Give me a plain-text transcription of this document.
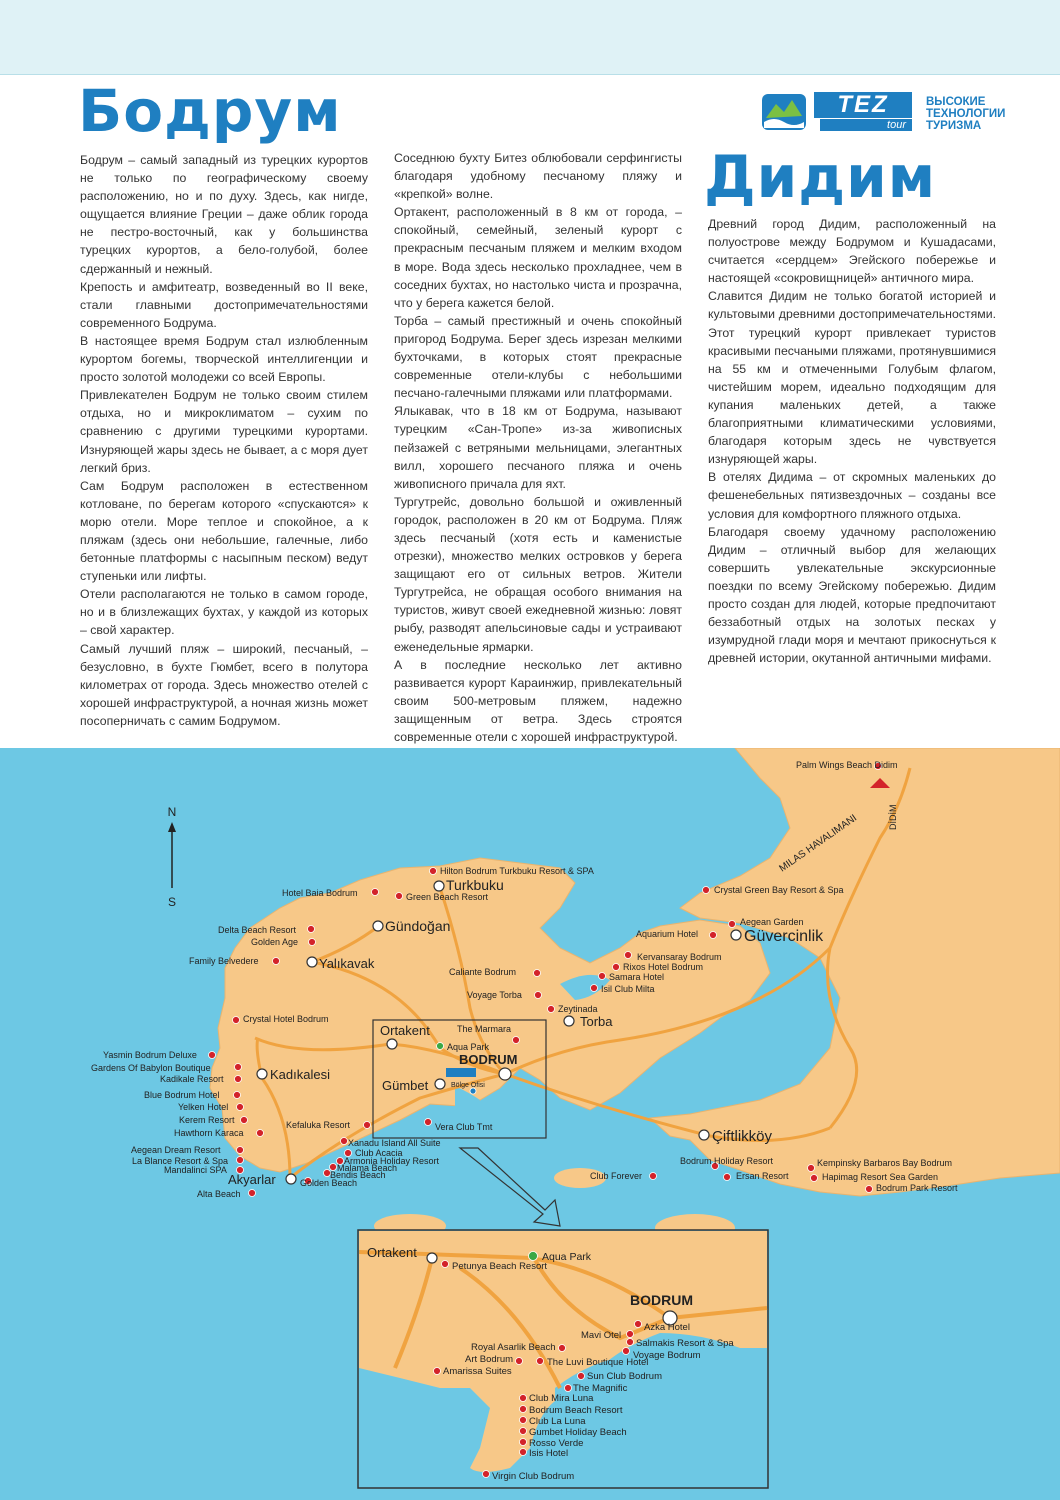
Бодрум
Дидим
TEZ
tour
ВЫСОКИЕ
ТЕХНОЛОГИИ
ТУРИЗМА

Бодрум – самый западный из турецких курортов не только по географическому своему расположению, но и по духу. Здесь, как нигде, ощущается влияние Греции – даже облик города не пестро-восточный, как у большинства турецких курортов, а бело-голубой, более сдержанный и нежный.

Крепость и амфитеатр, возведенный во II веке, стали главными достопримечательностями современного Бодрума.

В настоящее время Бодрум стал излюбленным курортом богемы, творческой интеллигенции и просто золотой молодежи со всей Европы.

Привлекателен Бодрум не только своим стилем отдыха, но и микроклиматом – сухим по сравнению с другими турецкими курортами. Изнуряющей жары здесь не бывает, а с моря дует легкий бриз.

Сам Бодрум расположен в естественном котловане, по берегам которого «спускаются» к морю отели. Море теплое и спокойное, а к пляжам (здесь они небольшие, галечные, либо бетонные платформы с насыпным песком) ведут ступеньки или лифты.

Отели располагаются не только в самом городе, но и в близлежащих бухтах, у каждой из которых – свой характер.

Самый лучший пляж – широкий, песчаный, – безусловно, в бухте Гюмбет, всего в полутора километрах от города. Здесь множество отелей с хорошей инфраструктурой, а ночная жизнь может посоперничать с самим Бодрумом.

Соседнюю бухту Битез облюбовали серфингисты благодаря удобному песчаному пляжу и «крепкой» волне.

Ортакент, расположенный в 8 км от города, – спокойный, семейный, зеленый курорт с прекрасным песчаным пляжем и мелким входом в море. Вода здесь несколько прохладнее, чем в соседних бухтах, но настолько чиста и прозрачна, что у берега кажется белой.

Торба – самый престижный и очень спокойный пригород Бодрума. Берег здесь изрезан мелкими бухточками, в которых стоят прекрасные современные отели-клубы с небольшими песчано-галечными пляжами или платформами.

Ялыкавак, что в 18 км от Бодрума, называют турецким «Сан-Тропе» из-за живописных пейзажей с ветряными мельницами, элегантных вилл, хорошего песчаного пляжа и очень живописного причала для яхт.

Тургутрейс, довольно большой и оживленный городок, расположен в 20 км от Бодрума. Пляж здесь песчаный (хотя есть и каменистые отрезки), множество мелких островков у берега защищают его от сильных ветров. Жители Тургутрейса, не обращая особого внимания на туристов, живут своей ежедневной жизнью: ловят рыбу, разводят апельсиновые сады и устраивают еженедельные ярмарки.

А в последние несколько лет активно развивается курорт Караинжир, привлекательный своим 500-метровым пляжем, надежно защищенным от ветра. Здесь строятся современные отели с хорошей инфраструктурой.

Древний город Дидим, расположенный на полуострове между Бодрумом и Кушадасами, считается «сердцем» Эгейского побережье и настоящей «сокровищницей» античного мира.

Славится Дидим не только богатой историей и культовыми древними достопримечательностями. Этот турецкий курорт привлекает туристов красивыми песчаными пляжами, протянувшимися на 55 км и отмеченными Голубым флагом, чистейшим морем, идеально подходящим для купания маленьких детей, а также благоприятными климатическими условиями, благодаря которым здесь не чувствуется изнуряющей жары.

В отелях Дидима – от скромных маленьких до фешенебельных пятизвездочных – созданы все условия для комфортного пляжного отдыха.

Благодаря своему удачному расположению Дидим – отличный выбор для желающих совершить увлекательные экскурсионные поездки по всему Эгейскому побережью. Дидим просто создан для людей, которые предпочитают беззаботный отдых на золотых песках у изумрудной глади моря и мечтают прикоснуться к древней истории, окутанной античными мифами.

N
S
MILAS HAVALIMANI	DİDİM
Turkbuku
Gündoğan
Yalıkavak
Ortakent
BODRUM
Gümbet
Kadıkalesi
Akyarlar
Torba
Güvercinlik
Çiftlikköy
Palm Wings Beach Didim
Hilton Bodrum Turkbuku Resort & SPA
Hotel Baia Bodrum	Green Beach Resort
Crystal Green Bay Resort & Spa
Delta Beach Resort
Golden Age
Aegean Garden
Aquarium Hotel
Family Belvedere	Kervansaray Bodrum
Rixos Hotel Bodrum
Caliante Bodrum	Samara Hotel
Isil Club Milta
Voyage Torba
Zeytinada
Crystal Hotel Bodrum
The Marmara
Aqua Park
Yasmin Bodrum Deluxe
Gardens Of Babylon Boutique
Kadikale Resort
Blue Bodrum Hotel
Yelken Hotel
Kerem Resort
Hawthorn Karaca
Kefaluka Resort	Vera Club Tmt
Xanadu Island All Suite
Club Acacia
Armonia Holiday Resort
Malama Beach
Bendis Beach
Golden Beach
Aegean Dream Resort
La Blance Resort & Spa
Mandalinci SPA
Alta Beach
Bodrum Holiday Resort
Ersan Resort
Club Forever
Kempinsky Barbaros Bay Bodrum
Hapimag Resort Sea Garden
Bodrum Park Resort
Bölge Ofisi
Ortakent
BODRUM
Aqua Park
Petunya Beach Resort
Azka Hotel
Mavi Otel
Salmakis Resort & Spa
Voyage Bodrum
Royal Asarlik Beach
Art Bodrum	The Luvi Boutique Hotel
Amarissa Suites	Sun Club Bodrum
The Magnific
Club Mira Luna
Bodrum Beach Resort
Club La Luna
Gumbet Holiday Beach
Rosso Verde
Isis Hotel
Virgin Club Bodrum
